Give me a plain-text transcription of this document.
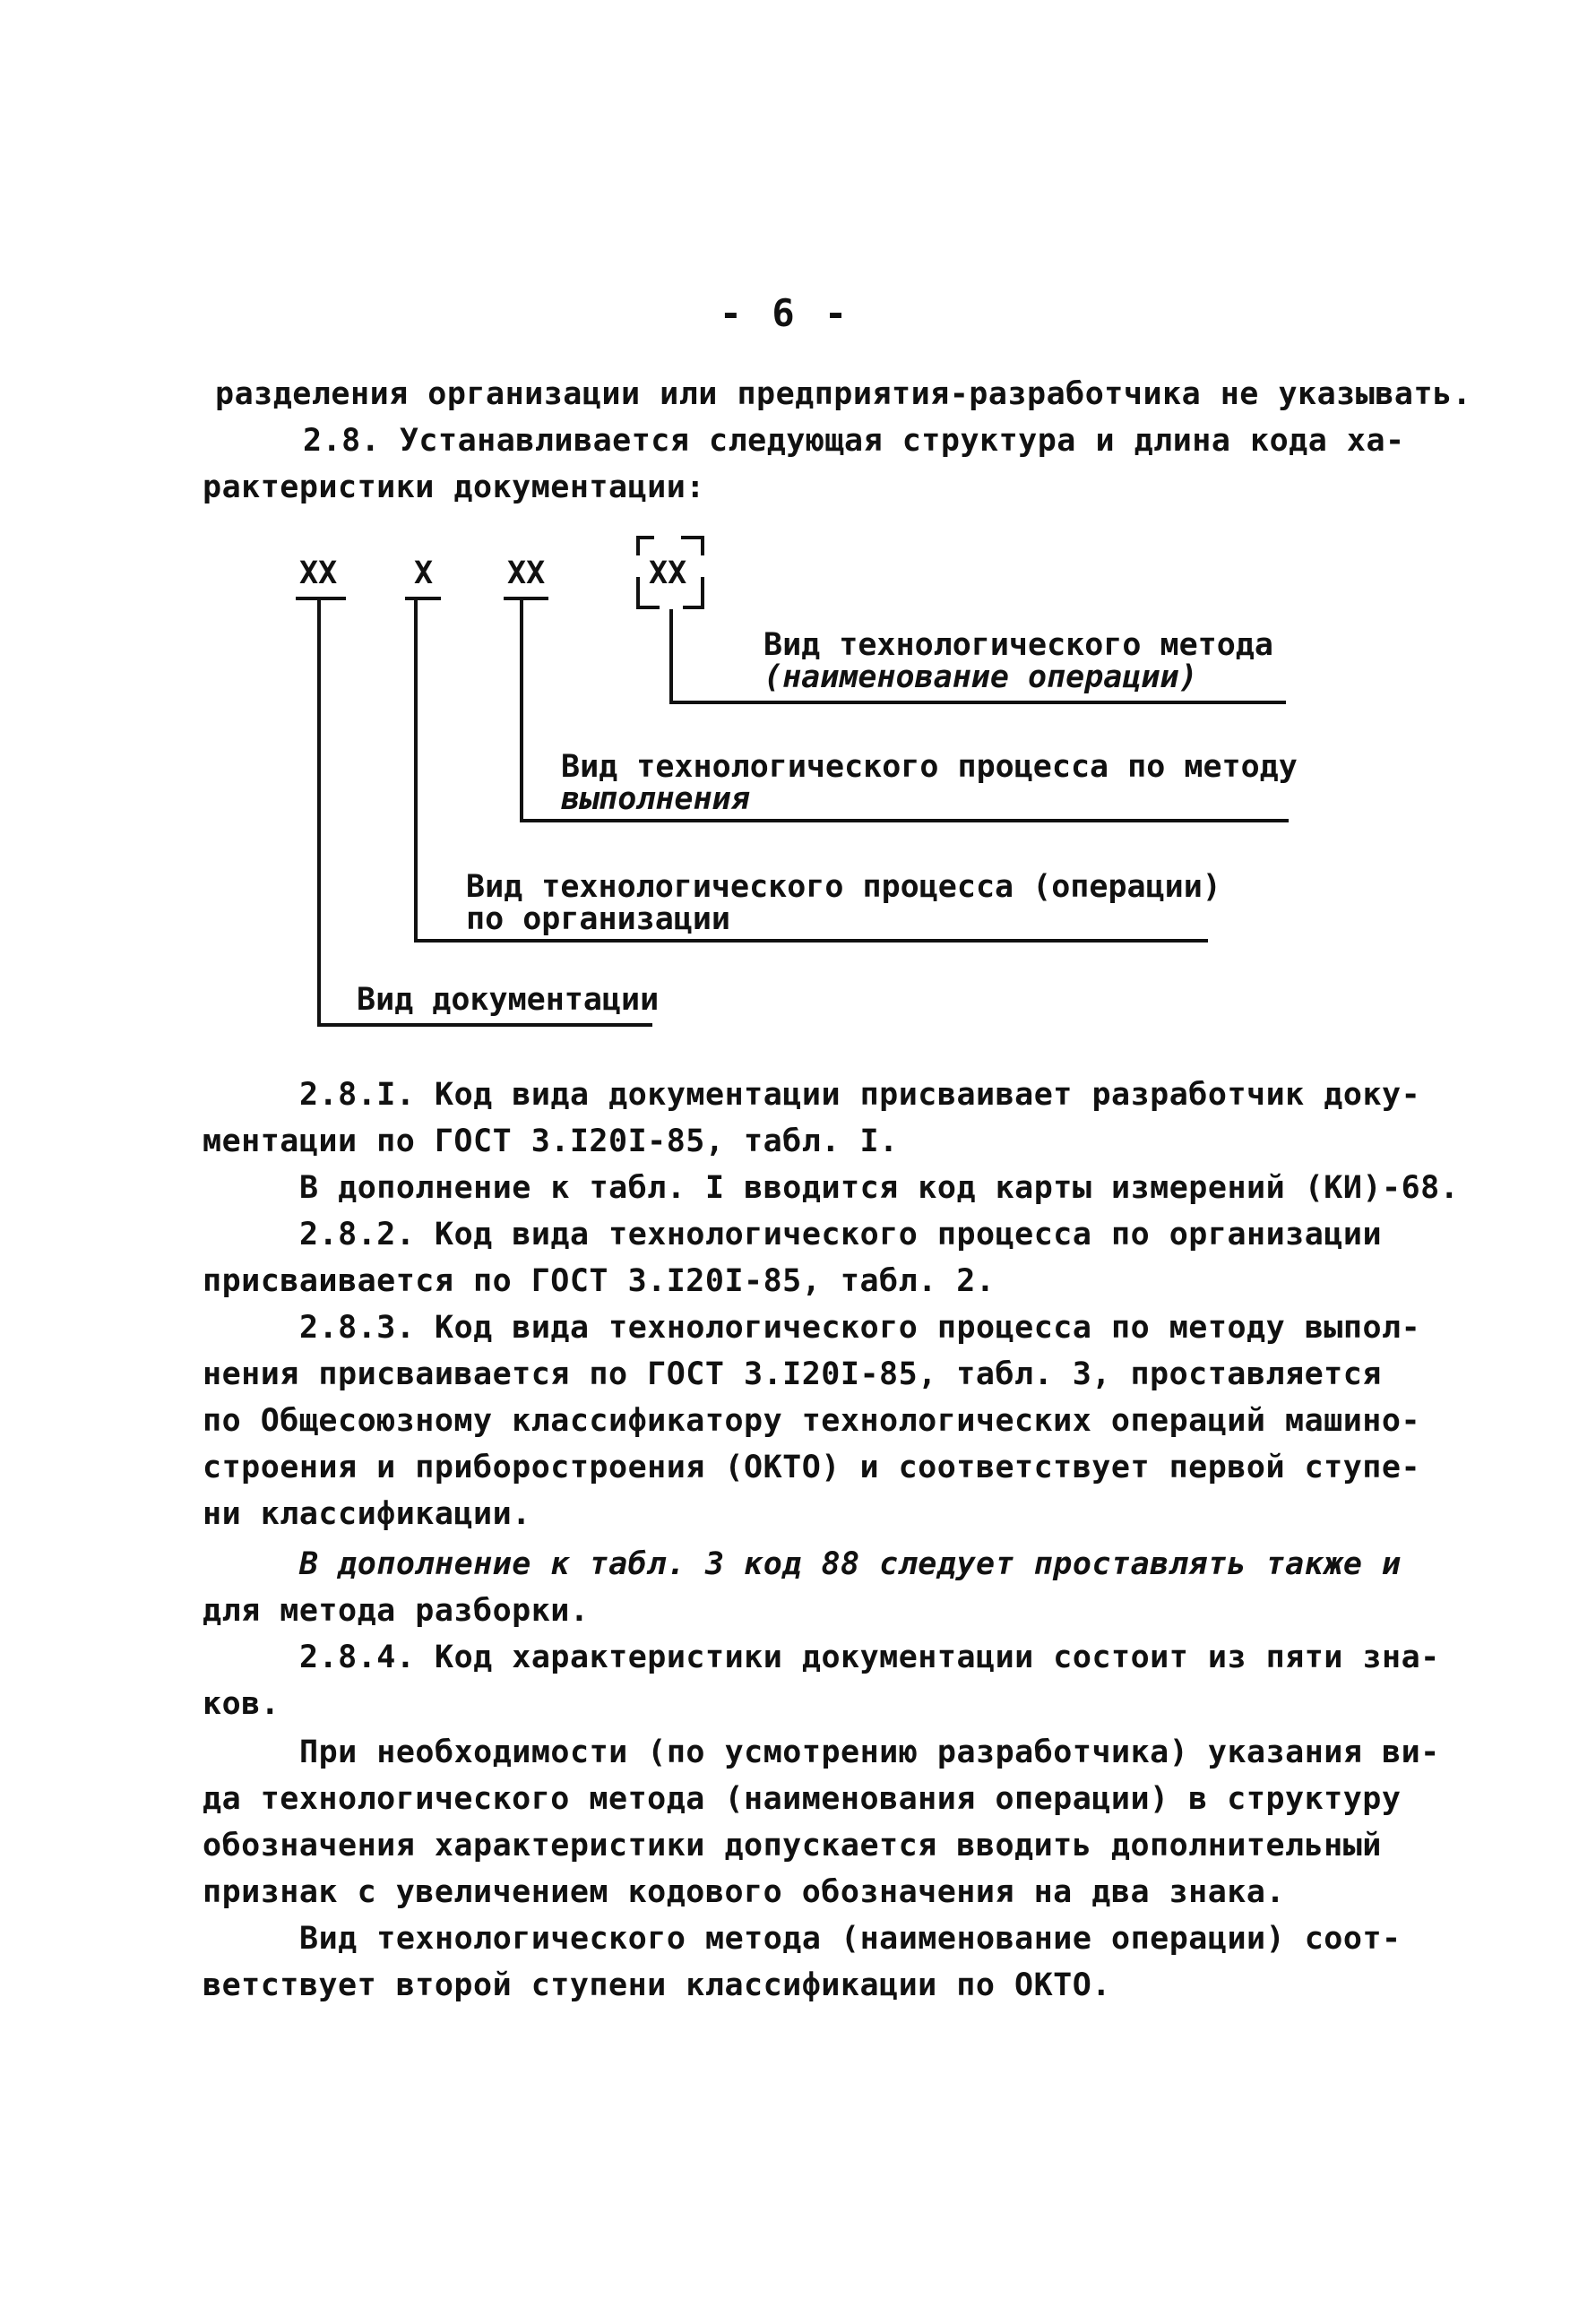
- 6 -
разделения организации или предприятия-разработчика не указывать.
2.8. Устанавливается следующая структура и длина кода ха-
рактеристики документации:
XX X XX	XX
Вид технологического метода
(наименование операции)
Вид технологического процесса по методу
выполнения
Вид технологического процесса (операции)
по организации
Вид документации
2.8.I. Код вида документации присваивает разработчик доку-
ментации по ГОСТ 3.I20I-85, табл. I.
В дополнение к табл. I вводится код карты измерений (КИ)-68.
2.8.2. Код вида технологического процесса по организации
присваивается по ГОСТ 3.I20I-85, табл. 2.
2.8.3. Код вида технологического процесса по методу выпол-
нения присваивается по ГОСТ 3.I20I-85, табл. 3, проставляется
по Общесоюзному классификатору технологических операций машино-
строения и приборостроения (ОКТО) и соответствует первой ступе-
ни классификации.
В дополнение к табл. 3 код 88 следует проставлять также и
для метода разборки.
2.8.4. Код характеристики документации состоит из пяти зна-
ков.
При необходимости (по усмотрению разработчика) указания ви-
да технологического метода (наименования операции) в структуру
обозначения характеристики допускается вводить дополнительный
признак с увеличением кодового обозначения на два знака.
Вид технологического метода (наименование операции) соот-
ветствует второй ступени классификации по ОКТО.
